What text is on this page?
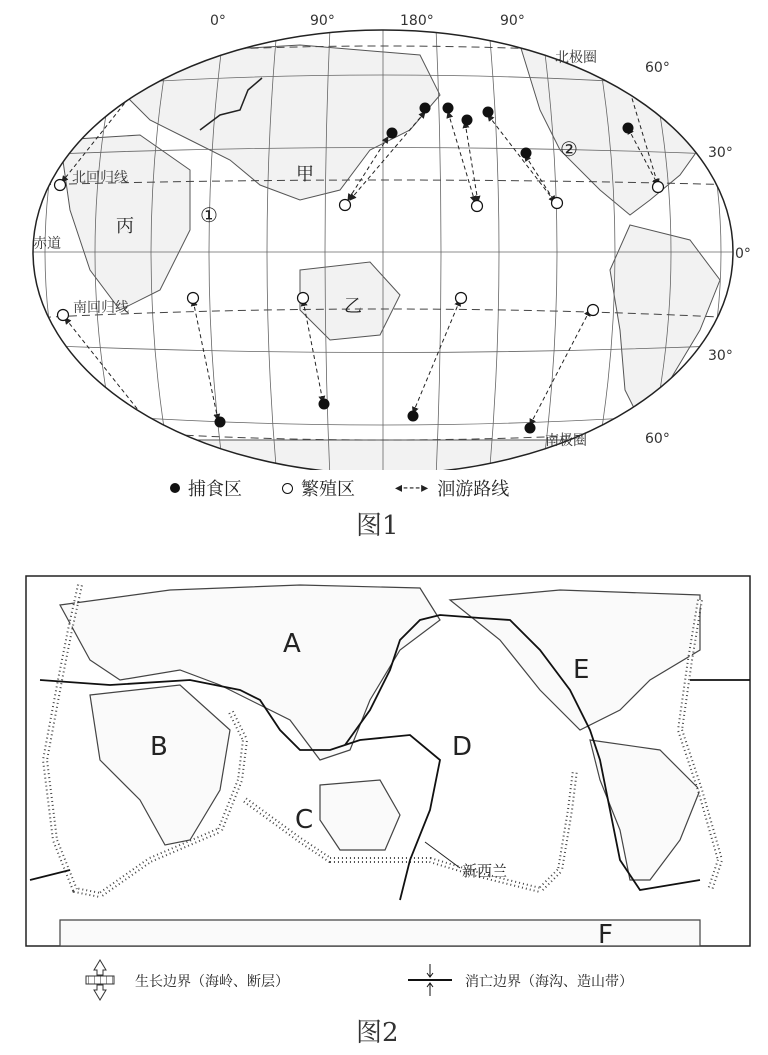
0°	90°	180°	90°
60°
30°
0°
30°
60°
北极圈
北回归线
赤道
南回归线
南极圈
甲
乙
丙	①
②
捕食区	繁殖区	◂‑‑‑▸ 洄游路线
图1
A
B
C
D
E
F
新西兰
生长边界（海岭、断层）	消亡边界（海沟、造山带）
图2
